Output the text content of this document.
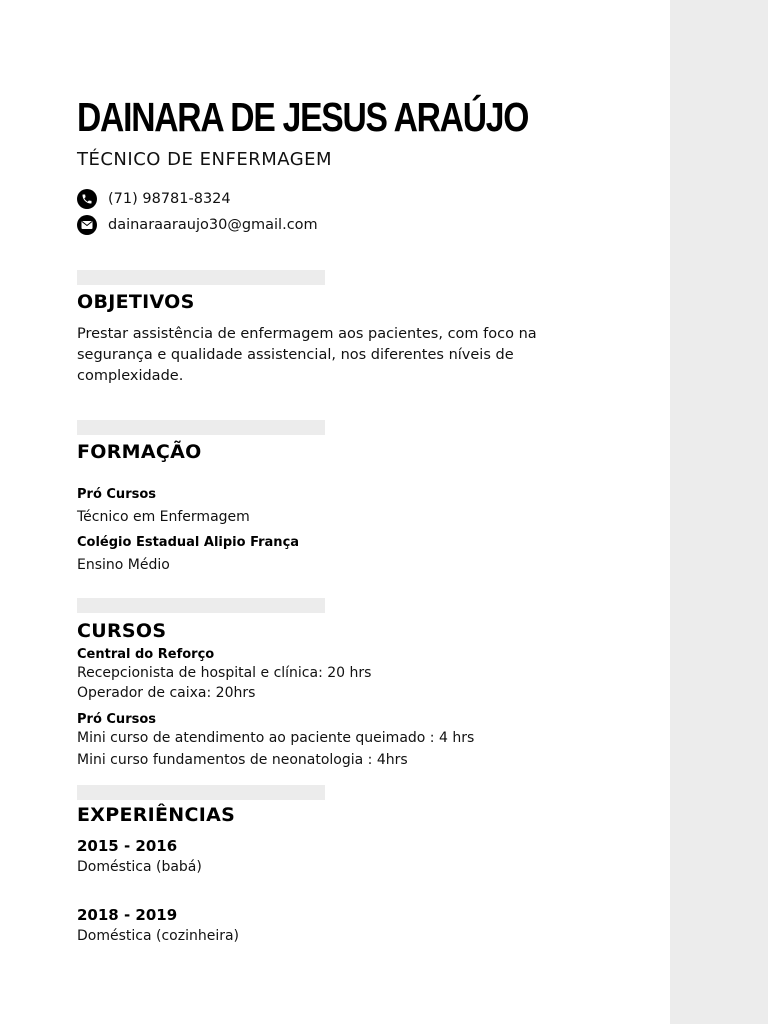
DAINARA DE JESUS ARAÚJO
TÉCNICO DE ENFERMAGEM
(71) 98781-8324
dainaraaraujo30@gmail.com
OBJETIVOS

Prestar assistência de enfermagem aos pacientes, com foco na segurança e qualidade assistencial, nos diferentes níveis de complexidade.

FORMAÇÃO
Pró Cursos
Técnico em Enfermagem
Colégio Estadual Alipio França
Ensino Médio
CURSOS
Central do Reforço
Recepcionista de hospital e clínica: 20 hrs
Operador de caixa: 20hrs
Pró Cursos
Mini curso de atendimento ao paciente queimado : 4 hrs
Mini curso fundamentos de neonatologia : 4hrs
EXPERIÊNCIAS
2015 - 2016
Doméstica (babá)
2018 - 2019
Doméstica (cozinheira)
